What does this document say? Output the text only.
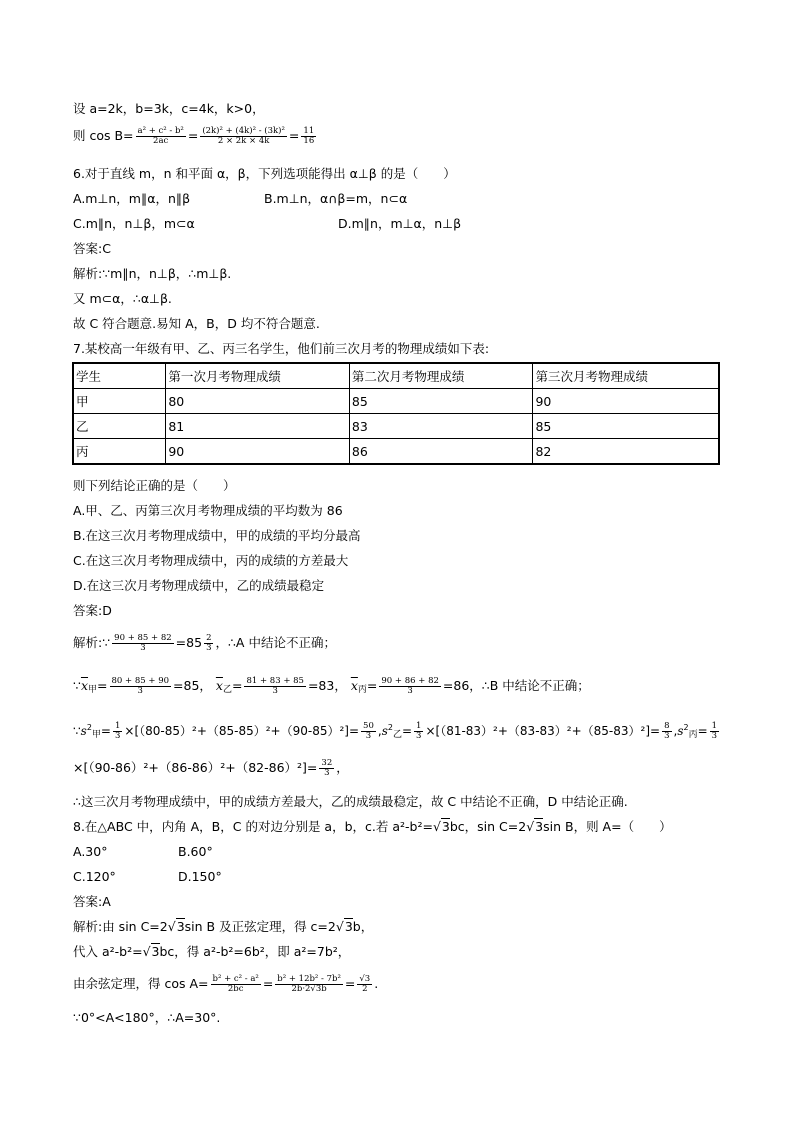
设 a=2k，b=3k，c=4k，k>0，
则 $\cos B= \frac{\text{a² + c² - b²}}{2ac} = \frac{\text{(2k)² + (4k)² - (3k)²}}{2 \times 2k \times 4k} = \frac{11}{16}$
6.对于直线 m，n 和平面 α，β，下列选项能得出 α⊥β 的是（　　）
A.m⊥n，m∥α，n∥β	B.m⊥n，α∩β=m，n⊂α
C.m∥n，n⊥β，m⊂α	D.m∥n，m⊥α，n⊥β
答案:C
解析:∵m∥n，n⊥β，∴m⊥β.
又 m⊂α，∴α⊥β.
故 C 符合题意.易知 A，B，D 均不符合题意.
7.某校高一年级有甲、乙、丙三名学生，他们前三次月考的物理成绩如下表:
学生	第一次月考物理成绩	第二次月考物理成绩	第三次月考物理成绩
甲	80	85	90
乙	81	83	85
丙	90	86	82
则下列结论正确的是（　　）
A.甲、乙、丙第三次月考物理成绩的平均数为 86
B.在这三次月考物理成绩中，甲的成绩的平均分最高
C.在这三次月考物理成绩中，丙的成绩的方差最大
D.在这三次月考物理成绩中，乙的成绩最稳定
答案:D
解析:∵ $\frac{90 + 85 + 82}{3} =85 \frac{2}{3}$ ，∴A 中结论不正确；
$\because\overline{x}_甲= \frac{80 + 85 + 90}{3} =85$， $\overline{x}_乙= \frac{81 + 83 + 85}{3} =83$， $\overline{x}_丙= \frac{90 + 86 + 82}{3} =86$，∴B 中结论不正确；
$\because s^2_甲= \frac{1}{3} \times[(80-85)^2+(85-85)^2+(90-85)^2]= \frac{50}{3} ,s^2_乙= \frac{1}{3} \times[(81-83)^2+(83-83)^2+(85-83)^2]= \frac{8}{3} ,s^2_丙= \frac{1}{3}$
$\times[(90-86)^2+(86-86)^2+(82-86)^2]= \frac{32}{3}$ ，
∴这三次月考物理成绩中，甲的成绩方差最大，乙的成绩最稳定，故 C 中结论不正确，D 中结论正确.
8.在△ABC 中，内角 A，B，C 的对边分别是 a，b，c.若 a²-b²=√3bc，sin C=2√3sin B，则 A=（　　）
A.30°	B.60°
C.120°	D.150°
答案:A
解析:由 sin C=2√3sin B 及正弦定理，得 c=2√3b，
代入 a²-b²=√3bc，得 a²-b²=6b²，即 a²=7b²，
由余弦定理，得 $\cos A= \frac{\text{b² + c² - a²}}{2bc} = \frac{\text{b² + 12b² - 7b²}}{2b\cdot 2√3b} = \frac{√3}{2}$ .
∵0°<A<180°，∴A=30°.
